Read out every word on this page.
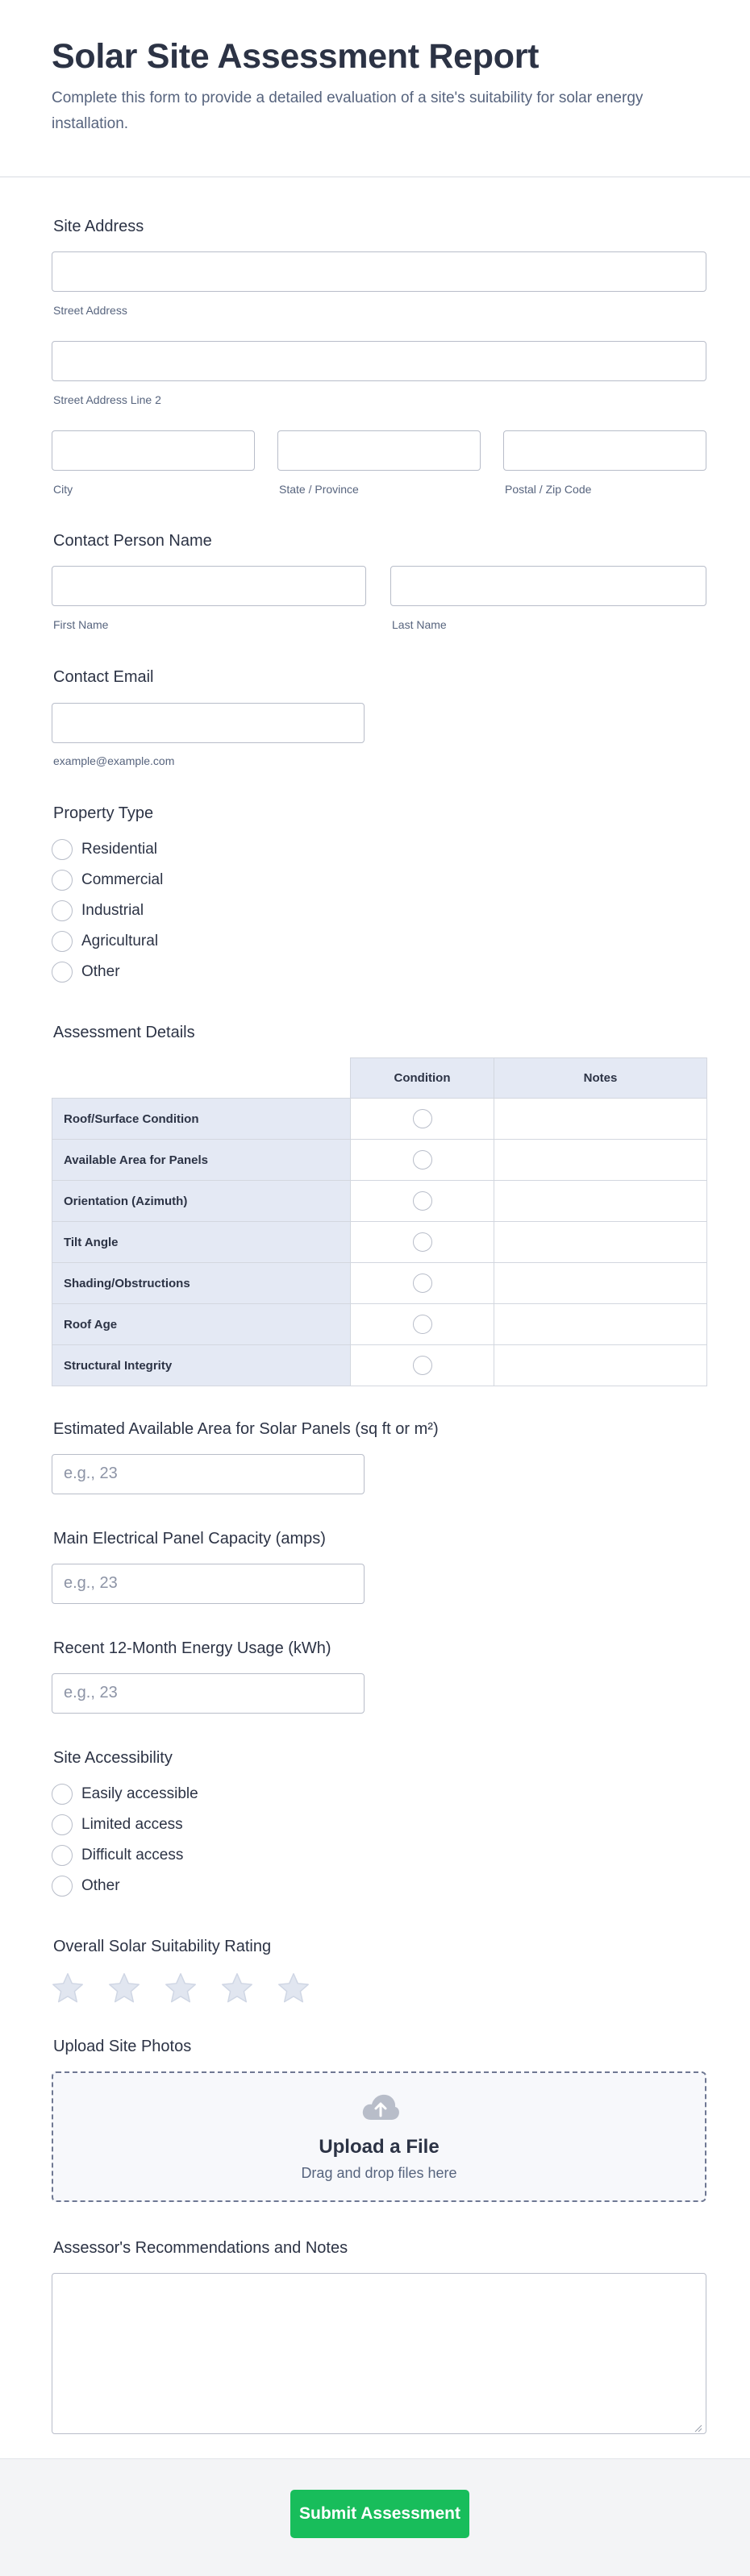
Solar Site Assessment Report
Complete this form to provide a detailed evaluation of a site's suitability for solar energy installation.
Site Address
Street Address
Street Address Line 2
City	State / Province	Postal / Zip Code
Contact Person Name
First Name	Last Name
Contact Email
example@example.com
Property Type
Residential
Commercial
Industrial
Agricultural
Other
Assessment Details
	Condition	Notes
Roof/Surface Condition	

Available Area for Panels	

Orientation (Azimuth)	

Tilt Angle	

Shading/Obstructions	

Roof Age	

Structural Integrity	

Estimated Available Area for Solar Panels (sq ft or m²)
e.g., 23
Main Electrical Panel Capacity (amps)
e.g., 23
Recent 12-Month Energy Usage (kWh)
e.g., 23
Site Accessibility
Easily accessible
Limited access
Difficult access
Other
Overall Solar Suitability Rating
Upload Site Photos
Upload a File
Drag and drop files here
Assessor's Recommendations and Notes
Submit Assessment
